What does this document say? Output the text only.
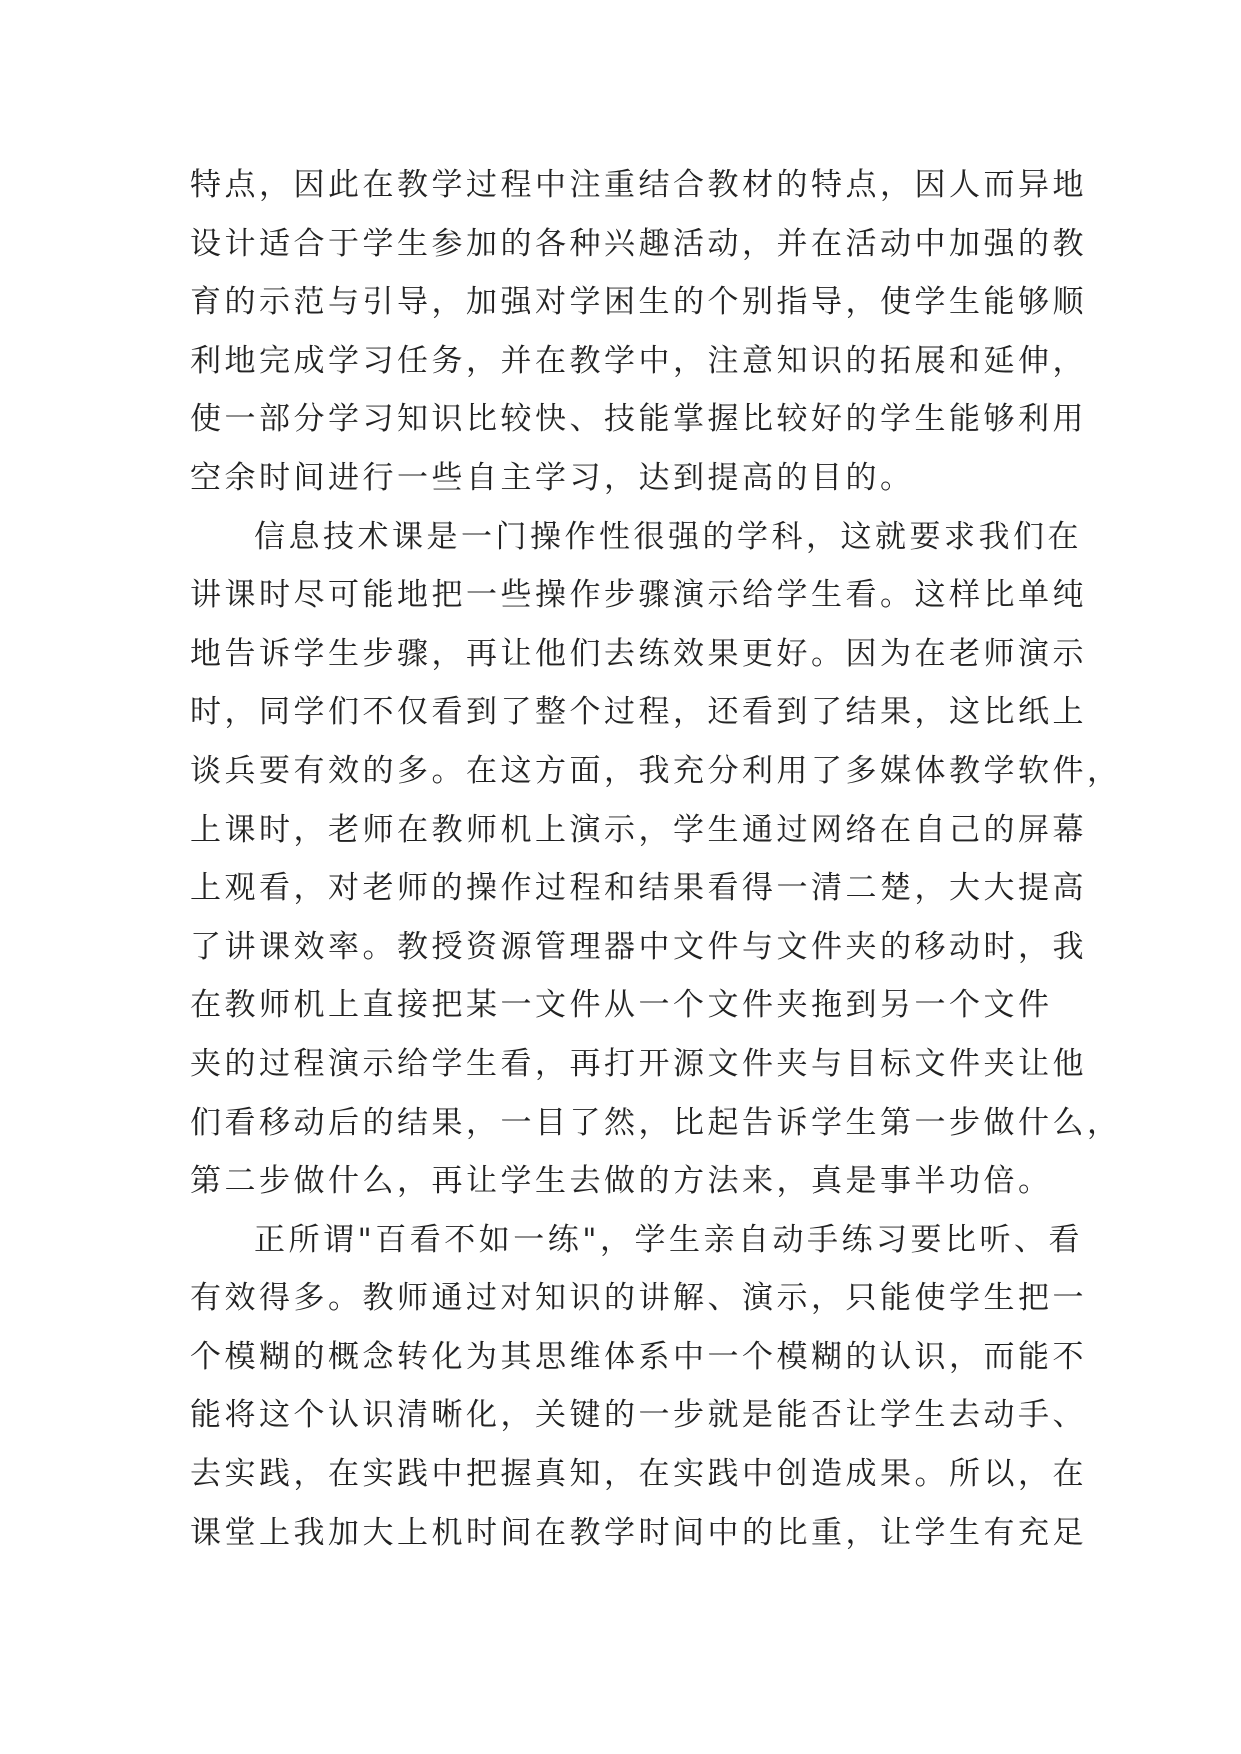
特点，因此在教学过程中注重结合教材的特点，因人而异地
设计适合于学生参加的各种兴趣活动，并在活动中加强的教
育的示范与引导，加强对学困生的个别指导，使学生能够顺
利地完成学习任务，并在教学中，注意知识的拓展和延伸，
使一部分学习知识比较快、技能掌握比较好的学生能够利用
空余时间进行一些自主学习，达到提高的目的。
信息技术课是一门操作性很强的学科，这就要求我们在
讲课时尽可能地把一些操作步骤演示给学生看。这样比单纯
地告诉学生步骤，再让他们去练效果更好。因为在老师演示
时，同学们不仅看到了整个过程，还看到了结果，这比纸上
谈兵要有效的多。在这方面，我充分利用了多媒体教学软件，
上课时，老师在教师机上演示，学生通过网络在自己的屏幕
上观看，对老师的操作过程和结果看得一清二楚，大大提高
了讲课效率。教授资源管理器中文件与文件夹的移动时，我
在教师机上直接把某一文件从一个文件夹拖到另一个文件
夹的过程演示给学生看，再打开源文件夹与目标文件夹让他
们看移动后的结果，一目了然，比起告诉学生第一步做什么，
第二步做什么，再让学生去做的方法来，真是事半功倍。
正所谓"百看不如一练"，学生亲自动手练习要比听、看
有效得多。教师通过对知识的讲解、演示，只能使学生把一
个模糊的概念转化为其思维体系中一个模糊的认识，而能不
能将这个认识清晰化，关键的一步就是能否让学生去动手、
去实践，在实践中把握真知，在实践中创造成果。所以，在
课堂上我加大上机时间在教学时间中的比重，让学生有充足
